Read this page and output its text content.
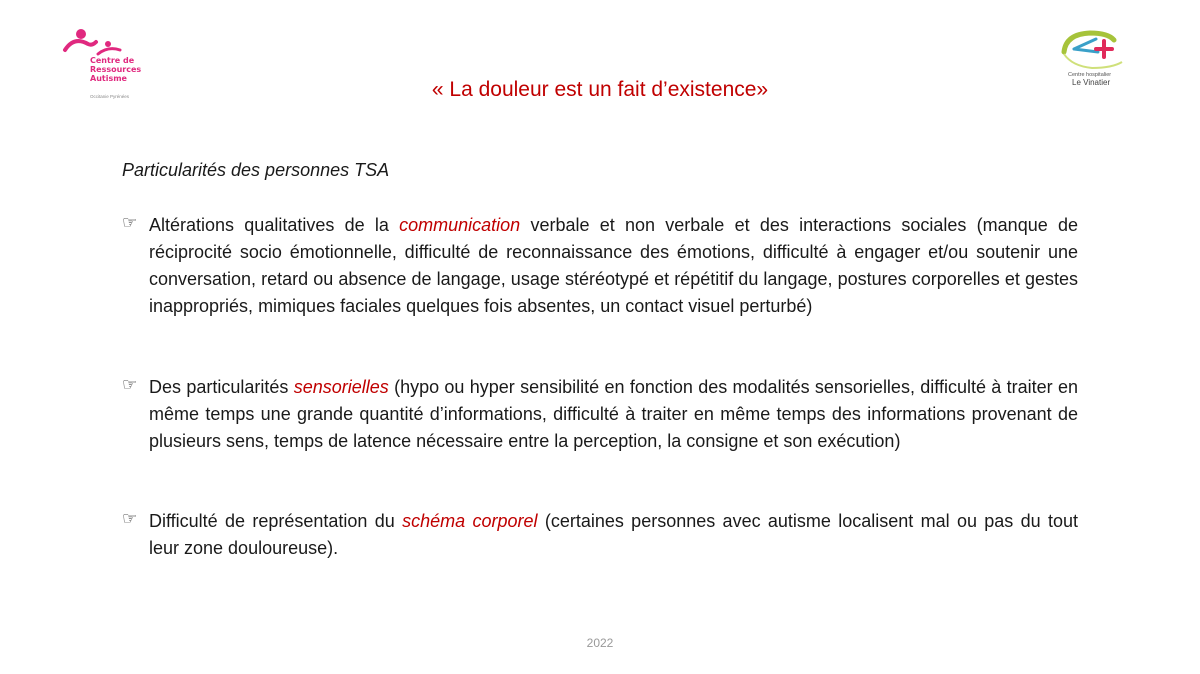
Centre de
Ressources
Autisme
Occitanie Pyrénées
Centre hospitalier
Le Vinatier
« La douleur est un fait d’existence»
Particularités des personnes TSA
☞ Altérations qualitatives de la communication verbale et non verbale et des interactions sociales (manque de réciprocité socio émotionnelle, difficulté de reconnaissance des émotions, difficulté à engager et/ou soutenir une conversation, retard ou absence de langage, usage stéréotypé et répétitif du langage, postures corporelles et gestes inappropriés, mimiques faciales quelques fois absentes, un contact visuel perturbé)
☞ Des particularités sensorielles (hypo ou hyper sensibilité en fonction des modalités sensorielles, difficulté à traiter en même temps une grande quantité d’informations, difficulté à traiter en même temps des informations provenant de plusieurs sens, temps de latence nécessaire entre la perception, la consigne et son exécution)
☞ Difficulté de représentation du schéma corporel (certaines personnes avec autisme localisent mal ou pas du tout leur zone douloureuse).
2022
